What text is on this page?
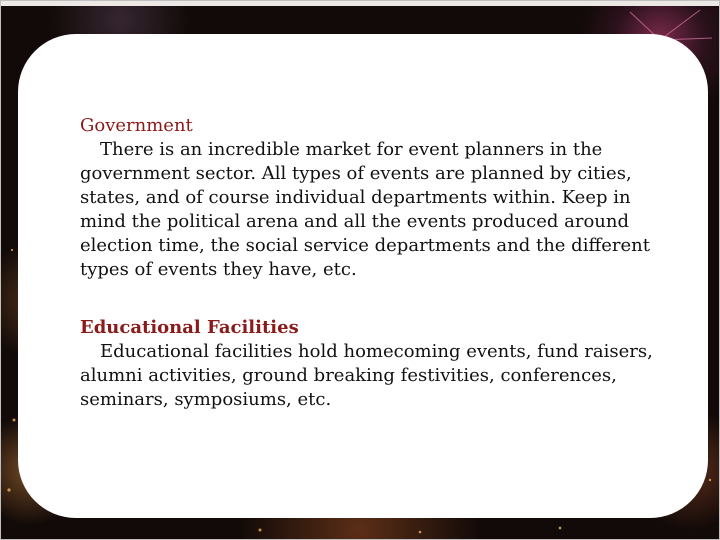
Government

There is an incredible market for event planners in the government sector. All types of events are planned by cities, states, and of course individual departments within. Keep in mind the political arena and all the events produced around election time, the social service departments and the different types of events they have, etc.

Educational Facilities

Educational facilities hold homecoming events, fund raisers, alumni activities, ground breaking festivities, conferences, seminars, symposiums, etc.
